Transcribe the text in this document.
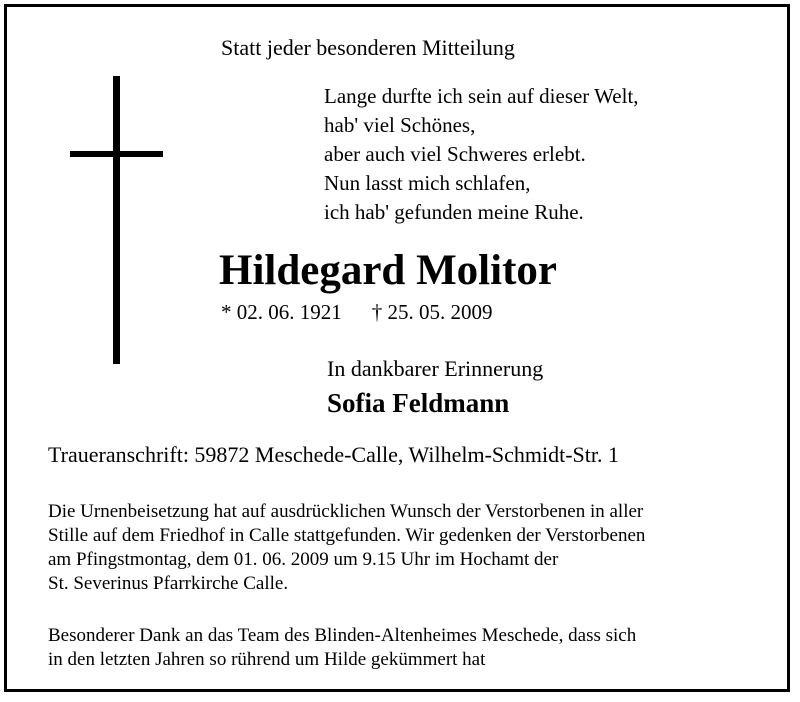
Statt jeder besonderen Mitteilung
Lange durfte ich sein auf dieser Welt,
hab' viel Schönes,
aber auch viel Schweres erlebt.
Nun lasst mich schlafen,
ich hab' gefunden meine Ruhe.
Hildegard Molitor
* 02. 06. 1921 † 25. 05. 2009
In dankbarer Erinnerung
Sofia Feldmann
Traueranschrift: 59872 Meschede-Calle, Wilhelm-Schmidt-Str. 1
Die Urnenbeisetzung hat auf ausdrücklichen Wunsch der Verstorbenen in aller
Stille auf dem Friedhof in Calle stattgefunden. Wir gedenken der Verstorbenen
am Pfingstmontag, dem 01. 06. 2009 um 9.15 Uhr im Hochamt der
St. Severinus Pfarrkirche Calle.
Besonderer Dank an das Team des Blinden-Altenheimes Meschede, dass sich
in den letzten Jahren so rührend um Hilde gekümmert hat
